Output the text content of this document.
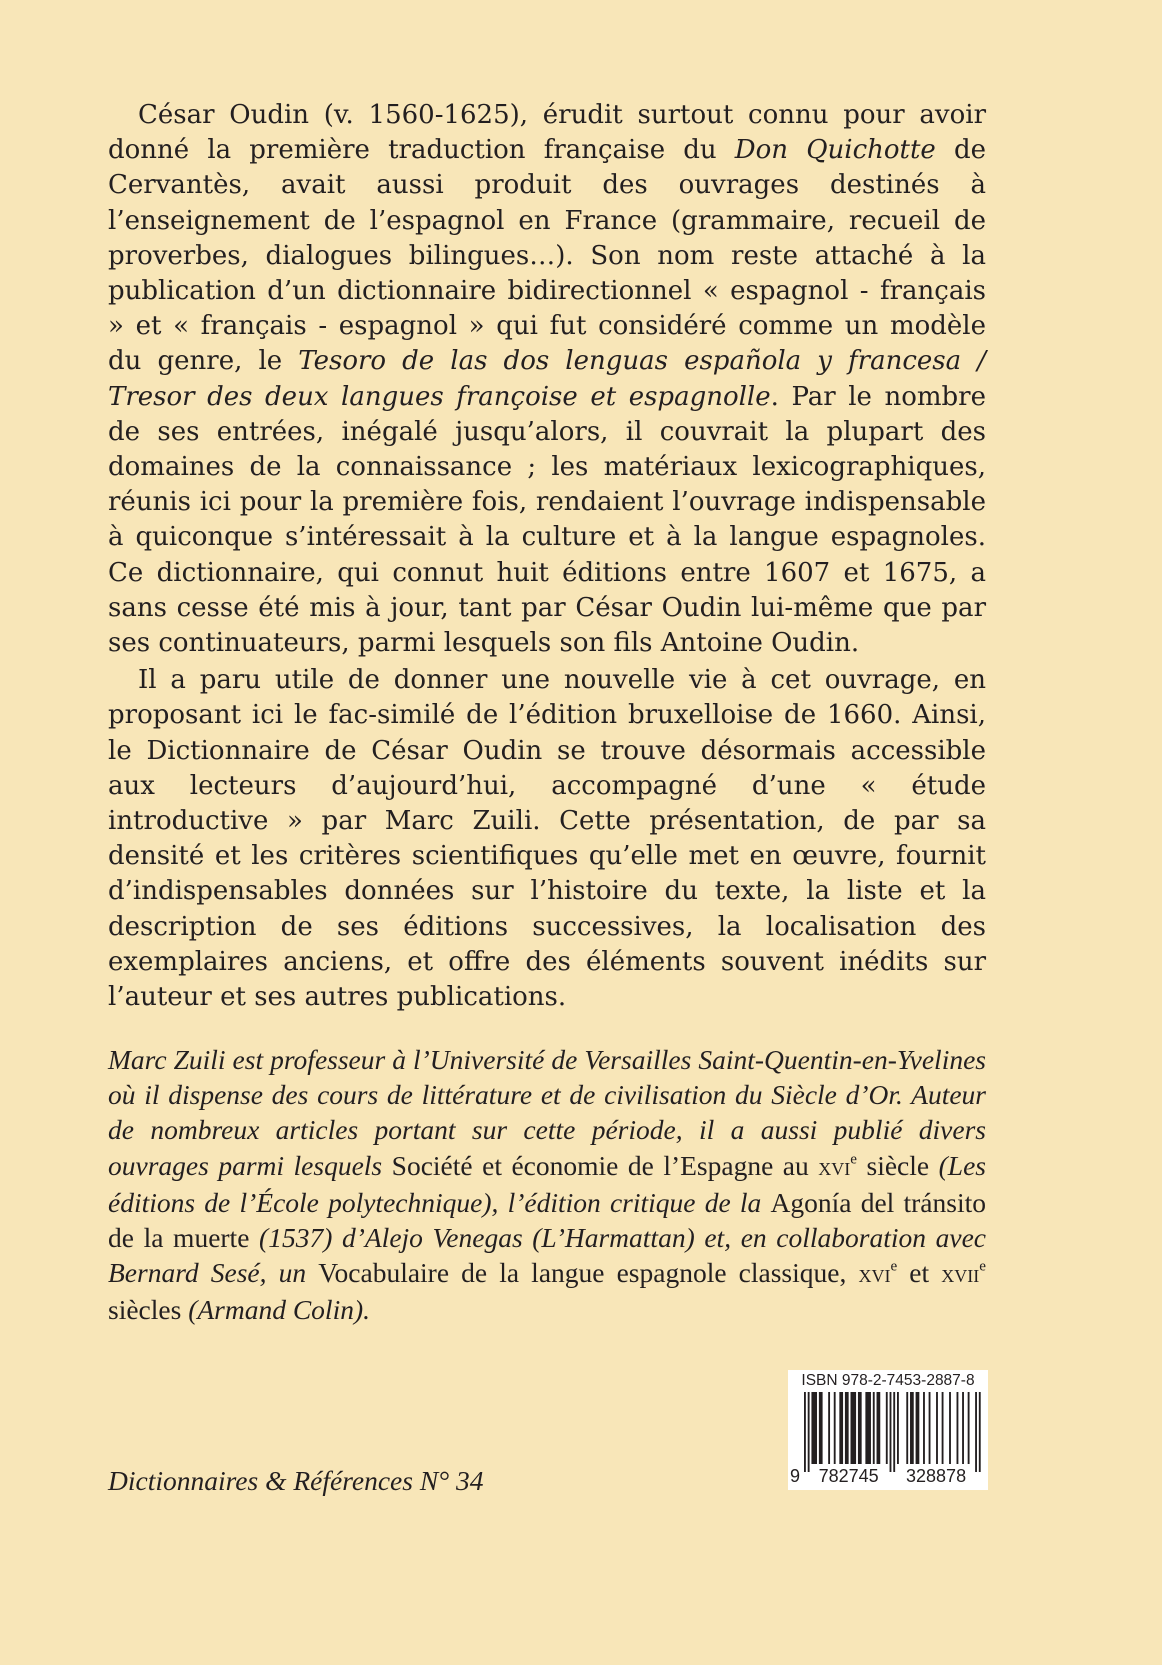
César Oudin (v. 1560-1625), érudit surtout connu pour avoir donné la première traduction française du Don Quichotte de Cervantès, avait aussi produit des ouvrages destinés à l’enseignement de l’espagnol en France (grammaire, recueil de proverbes, dialogues bilingues…). Son nom reste attaché à la publication d’un dictionnaire bidirectionnel « espagnol - français » et « français - espagnol » qui fut considéré comme un modèle du genre, le Tesoro de las dos lenguas española y francesa / Tresor des deux langues françoise et espagnolle. Par le nombre de ses entrées, inégalé jusqu’alors, il couvrait la plupart des domaines de la connaissance ; les matériaux lexicographiques, réunis ici pour la première fois, rendaient l’ouvrage indispensable à quiconque s’intéressait à la culture et à la langue espagnoles. Ce dictionnaire, qui connut huit éditions entre 1607 et 1675, a sans cesse été mis à jour, tant par César Oudin lui-même que par ses continuateurs, parmi lesquels son fils Antoine Oudin.

Il a paru utile de donner une nouvelle vie à cet ouvrage, en proposant ici le fac-similé de l’édition bruxelloise de 1660. Ainsi, le Dictionnaire de César Oudin se trouve désormais accessible aux lecteurs d’aujourd’hui, accompagné d’une « étude introductive » par Marc Zuili. Cette présentation, de par sa densité et les critères scientifiques qu’elle met en œuvre, fournit d’indispensables données sur l’histoire du texte, la liste et la description de ses éditions successives, la localisation des exemplaires anciens, et offre des éléments souvent inédits sur l’auteur et ses autres publications.

Marc Zuili est professeur à l’Université de Versailles Saint-Quentin-en-Yvelines où il dispense des cours de littérature et de civilisation du Siècle d’Or. Auteur de nombreux articles portant sur cette période, il a aussi publié divers ouvrages parmi lesquels Société et économie de l’Espagne au xvi$^e$ siècle (Les éditions de l’École polytechnique), l’édition critique de la Agonía del tránsito de la muerte (1537) d’Alejo Venegas (L’Harmattan) et, en collaboration avec Bernard Sesé, un Vocabulaire de la langue espagnole classique, xvi$^e$ et xvii$^e$ siècles (Armand Colin).

Dictionnaires & Références N° 34
ISBN 978-2-7453-2887-8
9 782745 328878
